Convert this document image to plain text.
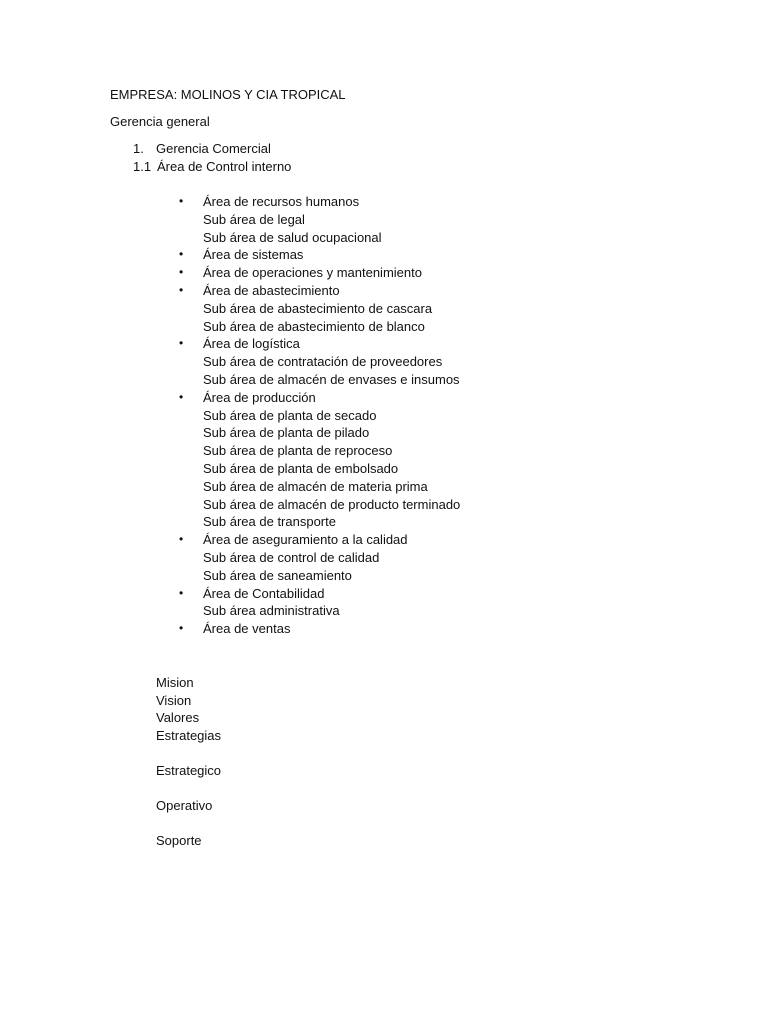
EMPRESA: MOLINOS Y CIA TROPICAL
Gerencia general
1. Gerencia Comercial
1.1 Área de Control interno
• Área de recursos humanos
Sub área de legal
Sub área de salud ocupacional
• Área de sistemas
• Área de operaciones y mantenimiento
• Área de abastecimiento
Sub área de abastecimiento de cascara
Sub área de abastecimiento de blanco
• Área de logística
Sub área de contratación de proveedores
Sub área de almacén de envases e insumos
• Área de producción
Sub área de planta de secado
Sub área de planta de pilado
Sub área de planta de reproceso
Sub área de planta de embolsado
Sub área de almacén de materia prima
Sub área de almacén de producto terminado
Sub área de transporte
• Área de aseguramiento a la calidad
Sub área de control de calidad
Sub área de saneamiento
• Área de Contabilidad
Sub área administrativa
• Área de ventas
Mision
Vision
Valores
Estrategias
Estrategico
Operativo
Soporte
